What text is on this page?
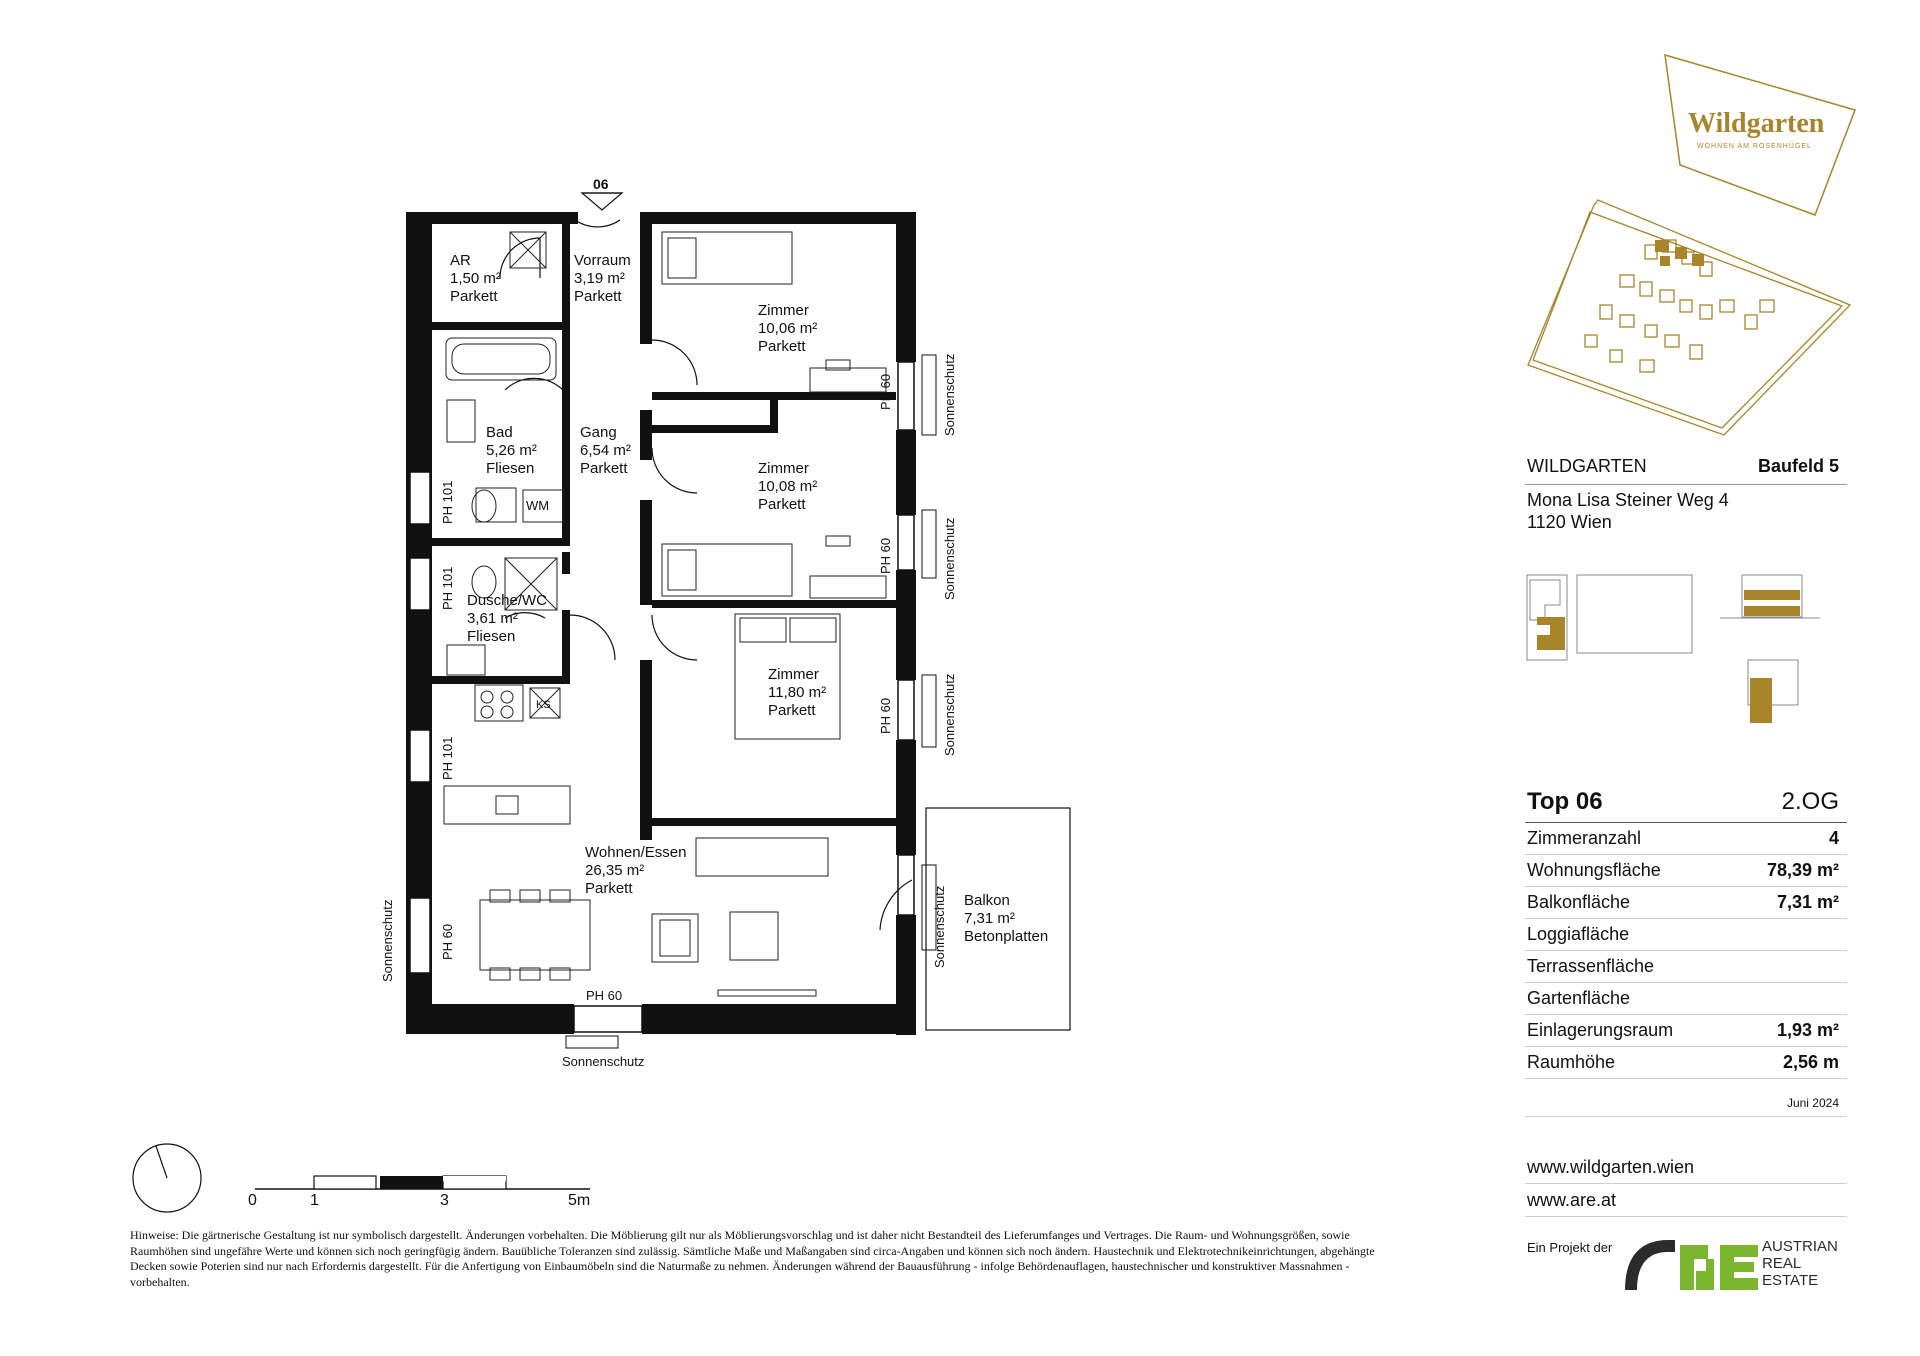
WM
KS
Wildgarten
WOHNEN AM ROSENHÜGEL
AR
1,50 m²
Parkett
Vorraum
3,19 m²
Parkett
Zimmer
10,06 m²
Parkett
Bad
5,26 m²
Fliesen
Gang
6,54 m²
Parkett	Zimmer
10,08 m²
Parkett
Dusche/WC
3,61 m²
Fliesen
Zimmer
11,80 m²
Parkett
Wohnen/Essen
26,35 m²
Parkett
Balkon
7,31 m²
Betonplatten
06
PH 101
PH 101
PH 101
PH 60
Sonnenschutz
PH 60
PH 60
PH 60
Sonnenschutz
Sonnenschutz
Sonnenschutz
Sonnenschutz
PH 60
Sonnenschutz
0	1	3	5m
Hinweise: Die gärtnerische Gestaltung ist nur symbolisch dargestellt. Änderungen vorbehalten. Die Möblierung gilt nur als Möblierungsvorschlag und ist daher nicht Bestandteil des Lieferumfanges und Vertrages. Die Raum- und Wohnungsgrößen, sowie Raumhöhen sind ungefähre Werte und können sich noch geringfügig ändern. Bauübliche Toleranzen sind zulässig. Sämtliche Maße und Maßangaben sind circa-Angaben und können sich noch ändern. Haustechnik und Elektrotechnikeinrichtungen, abgehängte Decken sowie Poterien sind nur nach Erfordernis dargestellt. Für die Anfertigung von Einbaumöbeln sind die Naturmaße zu nehmen. Änderungen während der Bauausführung - infolge Behördenauflagen, haustechnischer und konstruktiver Massnahmen - vorbehalten.
WILDGARTEN	Baufeld 5
Mona Lisa Steiner Weg 4
1120 Wien
Top 06	2.OG
Zimmeranzahl	4
Wohnungsfläche	78,39 m²
Balkonfläche	7,31 m²
Loggiafläche
Terrassenfläche
Gartenfläche
Einlagerungsraum	1,93 m²
Raumhöhe	2,56 m
Juni 2024
www.wildgarten.wien
www.are.at
Ein Projekt der	AUSTRIAN
REAL
ESTATE
